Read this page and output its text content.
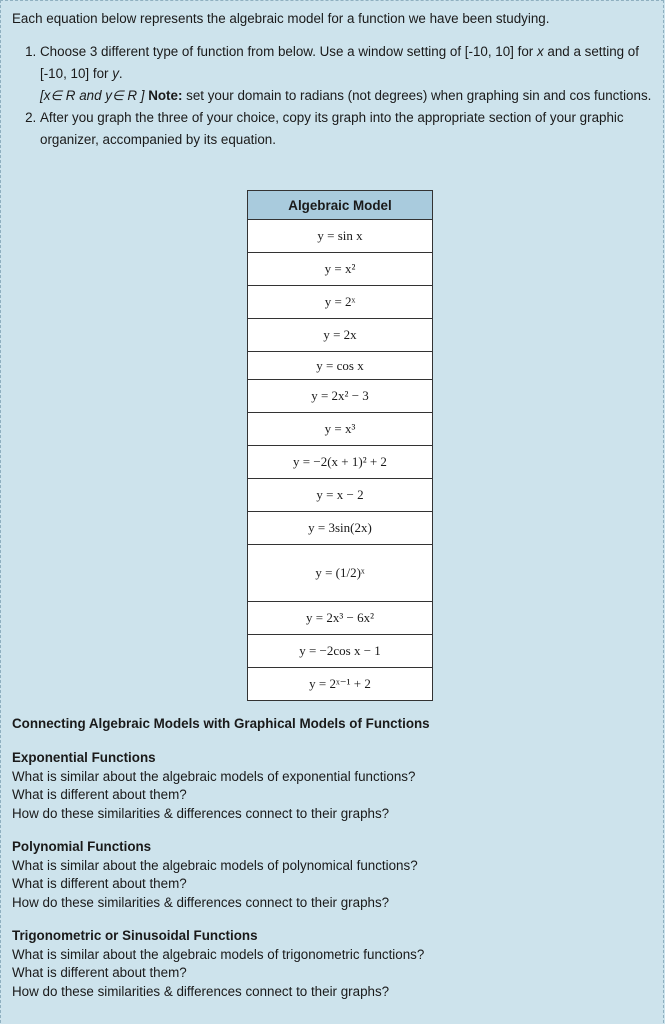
Each equation below represents the algebraic model for a function we have been studying.
1. Choose 3 different type of function from below. Use a window setting of [-10, 10] for x and a setting of [-10, 10] for y.
[x∈ R and y∈ R ] Note: set your domain to radians (not degrees) when graphing sin and cos functions.
2. After you graph the three of your choice, copy its graph into the appropriate section of your graphic organizer, accompanied by its equation.
Algebraic Model
y = sin x
y = x²
y = 2ˣ
y = 2x
y = cos x
y = 2x² − 3
y = x³
y = −2(x + 1)² + 2
y = x − 2
y = 3sin(2x)
y = (1/2)ˣ
y = 2x³ − 6x²
y = −2cos x − 1
y = 2ˣ⁻¹ + 2
Connecting Algebraic Models with Graphical Models of Functions
Exponential Functions
What is similar about the algebraic models of exponential functions?
What is different about them?
How do these similarities & differences connect to their graphs?
Polynomial Functions
What is similar about the algebraic models of polynomical functions?
What is different about them?
How do these similarities & differences connect to their graphs?
Trigonometric or Sinusoidal Functions
What is similar about the algebraic models of trigonometric functions?
What is different about them?
How do these similarities & differences connect to their graphs?
